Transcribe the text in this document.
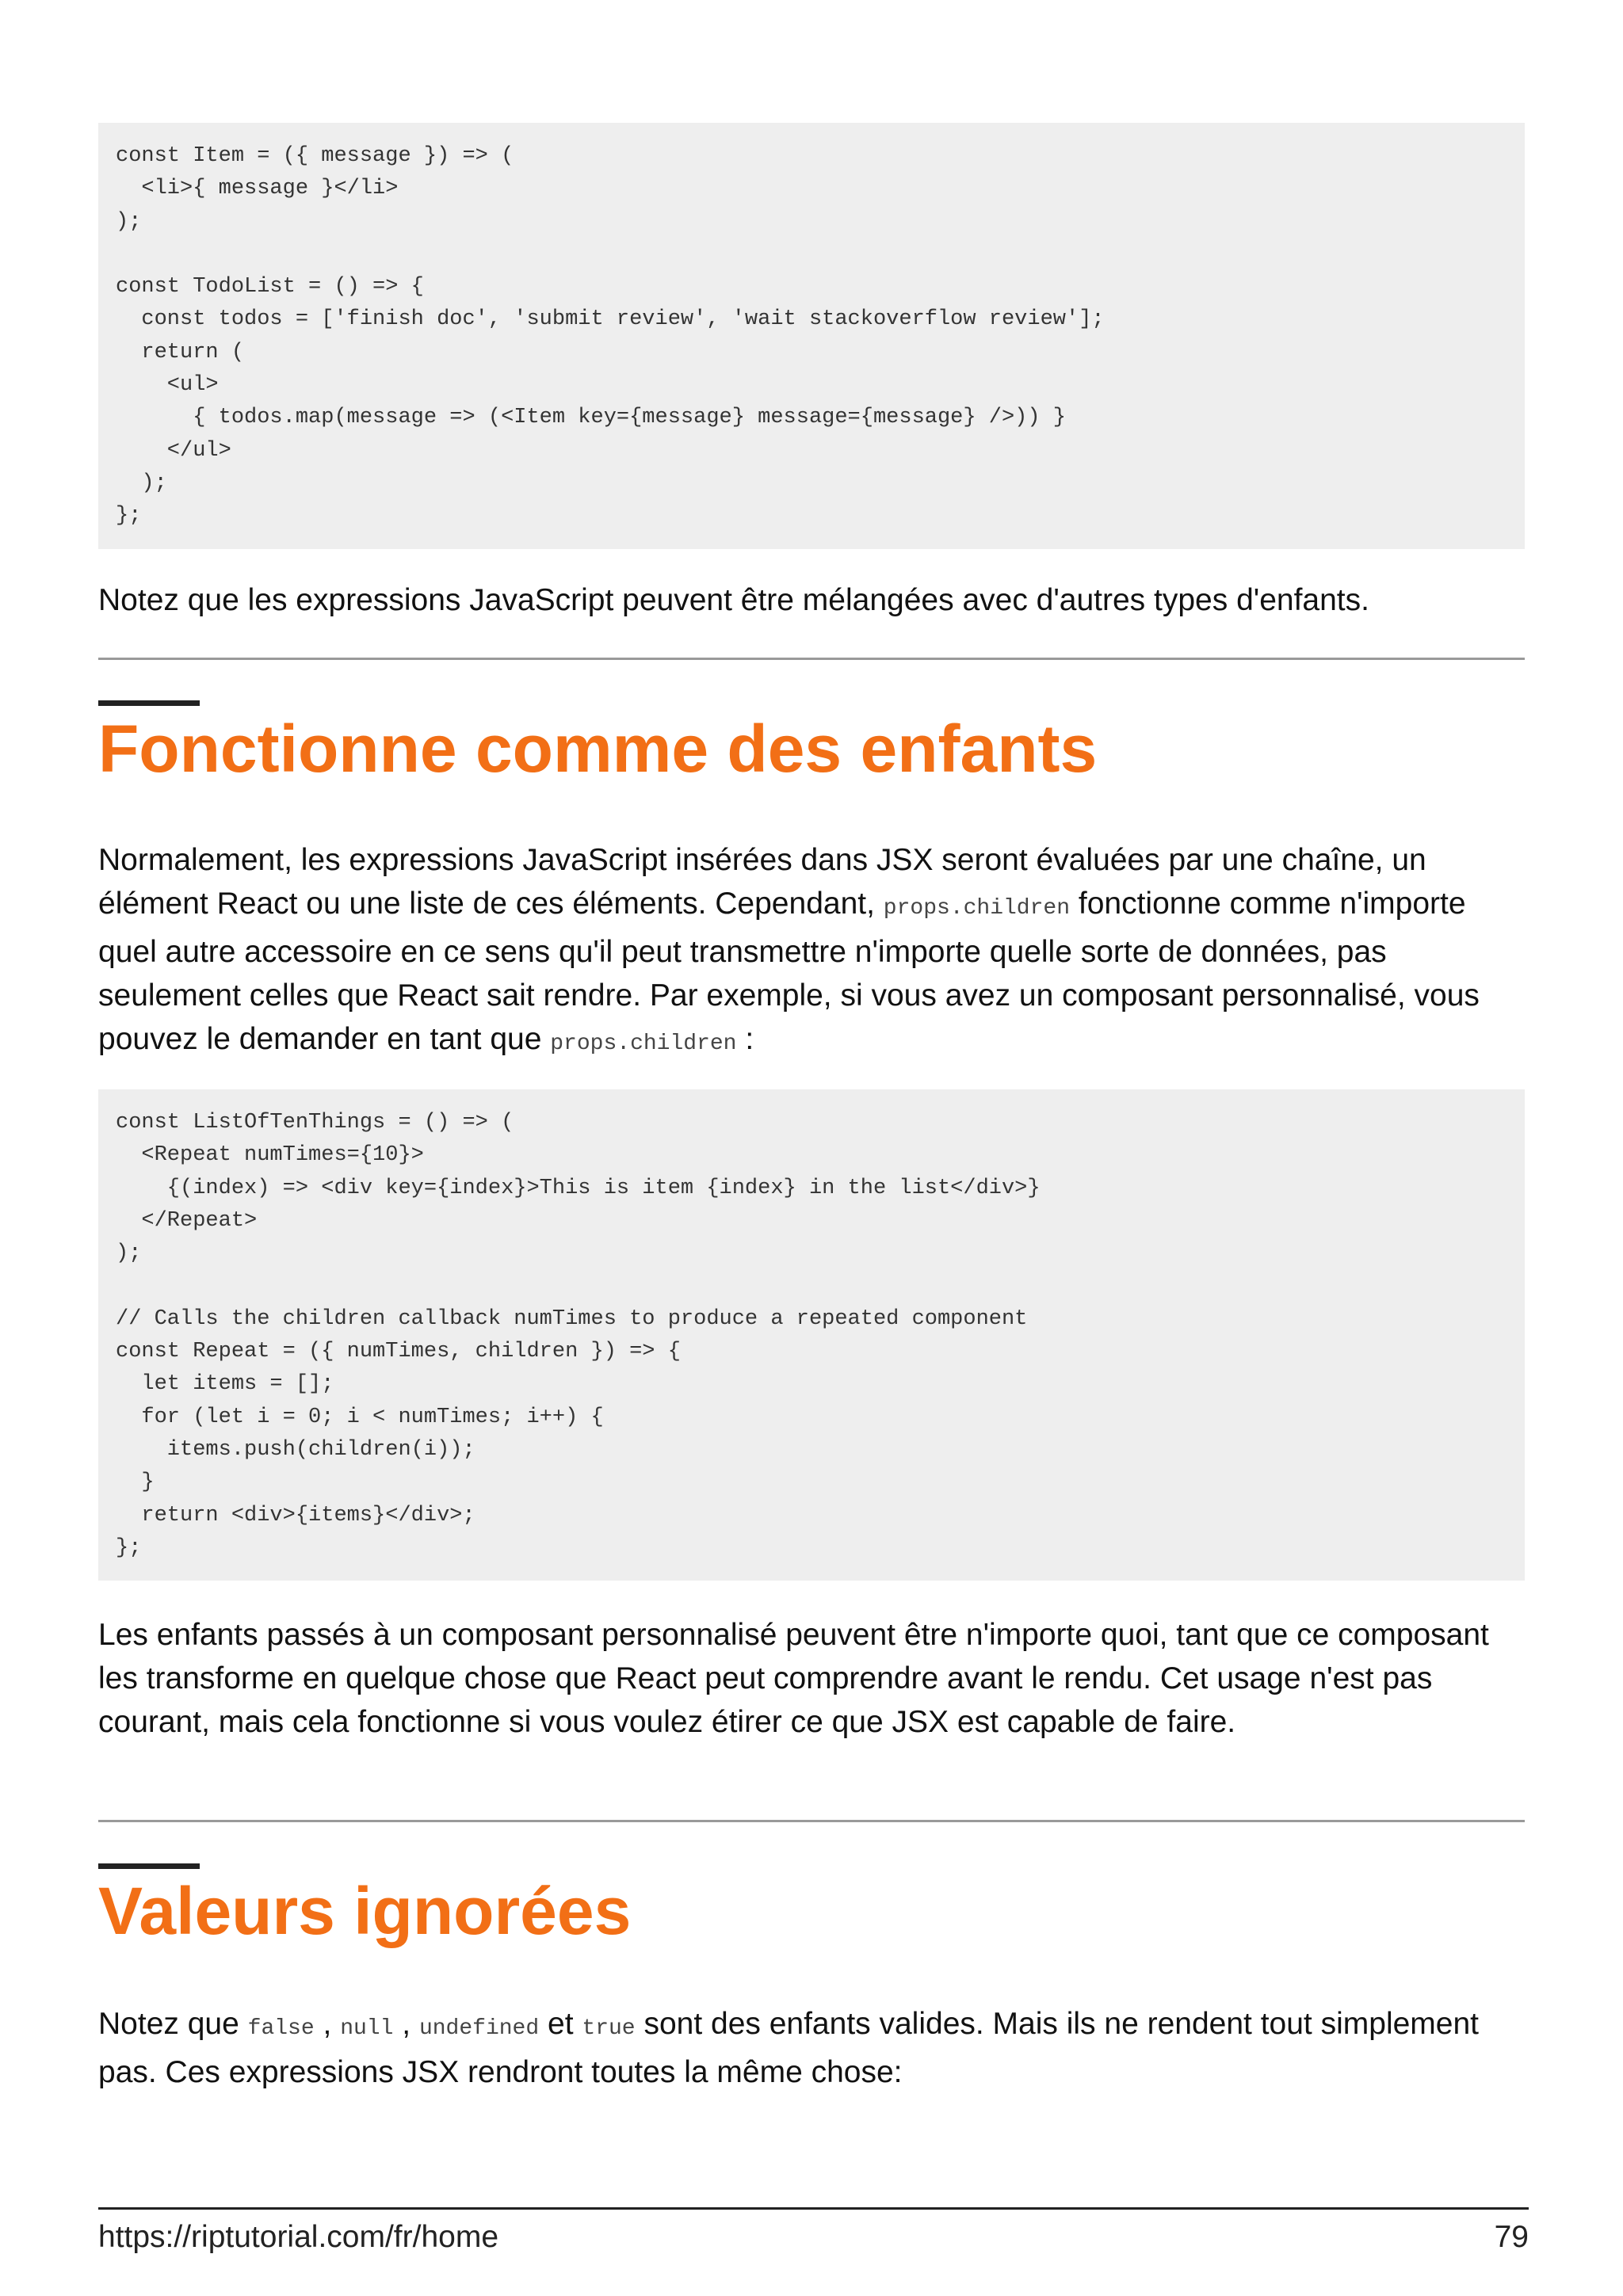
const Item = ({ message }) => (
<li>{ message }</li>
);
const TodoList = () => {
const todos = ['finish doc', 'submit review', 'wait stackoverflow review'];
return (
<ul>
{ todos.map(message => (<Item key={message} message={message} />)) }
</ul>
);
};

Notez que les expressions JavaScript peuvent être mélangées avec d'autres types d'enfants.

Fonctionne comme des enfants

Normalement, les expressions JavaScript insérées dans JSX seront évaluées par une chaîne, un élément React ou une liste de ces éléments. Cependant, props.children fonctionne comme n'importe quel autre accessoire en ce sens qu'il peut transmettre n'importe quelle sorte de données, pas seulement celles que React sait rendre. Par exemple, si vous avez un composant personnalisé, vous pouvez le demander en tant que props.children :

const ListOfTenThings = () => (
<Repeat numTimes={10}>
{(index) => <div key={index}>This is item {index} in the list</div>}
</Repeat>
);
// Calls the children callback numTimes to produce a repeated component
const Repeat = ({ numTimes, children }) => {
let items = [];
for (let i = 0; i < numTimes; i++) {
items.push(children(i));
}
return <div>{items}</div>;
};

Les enfants passés à un composant personnalisé peuvent être n'importe quoi, tant que ce composant les transforme en quelque chose que React peut comprendre avant le rendu. Cet usage n'est pas courant, mais cela fonctionne si vous voulez étirer ce que JSX est capable de faire.

Valeurs ignorées

Notez que false , null , undefined et true sont des enfants valides. Mais ils ne rendent tout simplement pas. Ces expressions JSX rendront toutes la même chose:

https://riptutorial.com/fr/home	79
